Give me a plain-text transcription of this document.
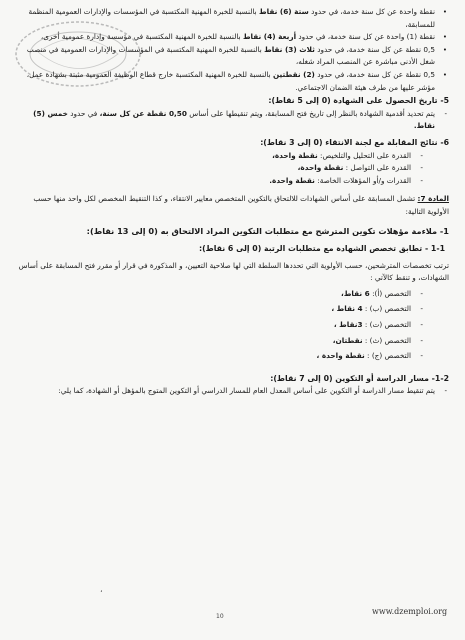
•
نقطة واحدة عن كل سنة خدمة، في حدود ستة (6) نقاط بالنسبة للخبرة المهنية المكتسبة في المؤسسات والإدارات العمومية المنظمة للمسابقة،
•
نقطة (1) واحدة عن كل سنة خدمة، في حدود أربعة (4) نقاط بالنسبة للخبرة المهنية المكتسبة في مؤسسة وإدارة عمومية أخرى،
•
0,5 نقطة عن كل سنة خدمة، في حدود ثلاث (3) نقاط بالنسبة للخبرة المهنية المكتسبة في المؤسسات والإدارات العمومية في منصب شغل الأدنى مباشرة عن المنصب المراد شغله،
•
0,5 نقطة عن كل سنة خدمة، في حدود (2) نقطتين بالنسبة للخبرة المهنية المكتسبة خارج قطاع الوظيفة العمومية مثبتة بشهادة عمل، مؤشر عليها من طرف هيئة الضمان الاجتماعي.
5- تاريخ الحصول على الشهادة (0 إلى 5 نقاط):
-
يتم تحديد أقدمية الشهادة بالنظر إلى تاريخ فتح المسابقة، ويتم تنقيطها على أساس 0,50 نقطة عن كل سنة، في حدود خمس (5) نقاط.
6- نتائج المقابلة مع لجنة الانتقاء (0 إلى 3 نقاط):
-
القدرة على التحليل والتلخيص: نقطة واحدة،
-
القدرة على التواصل : نقطة واحدة،
-
القدرات و/أو المؤهلات الخاصة: نقطة واحدة.
المادة 7: تشمل المسابقة على أساس الشهادات للالتحاق بالتكوين المتخصص معايير الانتقاء، و كذا التنقيط المخصص لكل واحد منها حسب الأولوية التالية:
1- ملاءمة مؤهلات تكوين المترشح مع متطلبات التكوين المراد الالتحاق به (0 إلى 13 نقاط):
1-1 - تطابق تخصص الشهادة مع متطلبات الرتبة (0 إلى 6 نقاط):
ترتب تخصصات المترشحين، حسب الأولوية التي تحددها السلطة التي لها صلاحية التعيين، و المذكورة في قرار أو مقرر فتح المسابقة على أساس الشهادات، و تنقط كالآتي :
-
التخصص (أ): 6 نقاط،
-
التخصص (ب) : 4 نقاط ،
-
التخصص (ت) : 3نقاط ،
-
التخصص (ث) : نقطتان،
-
التخصص (ج) : نقطة واحدة ،
1-2- مسار الدراسة أو التكوين (0 إلى 7 نقاط):
-
يتم تنقيط مسار الدراسة أو التكوين على أساس المعدل العام للمسار الدراسي أو التكوين المتوج بالمؤهل أو الشهادة، كما يلي:
،
10
www.dzemploi.org
